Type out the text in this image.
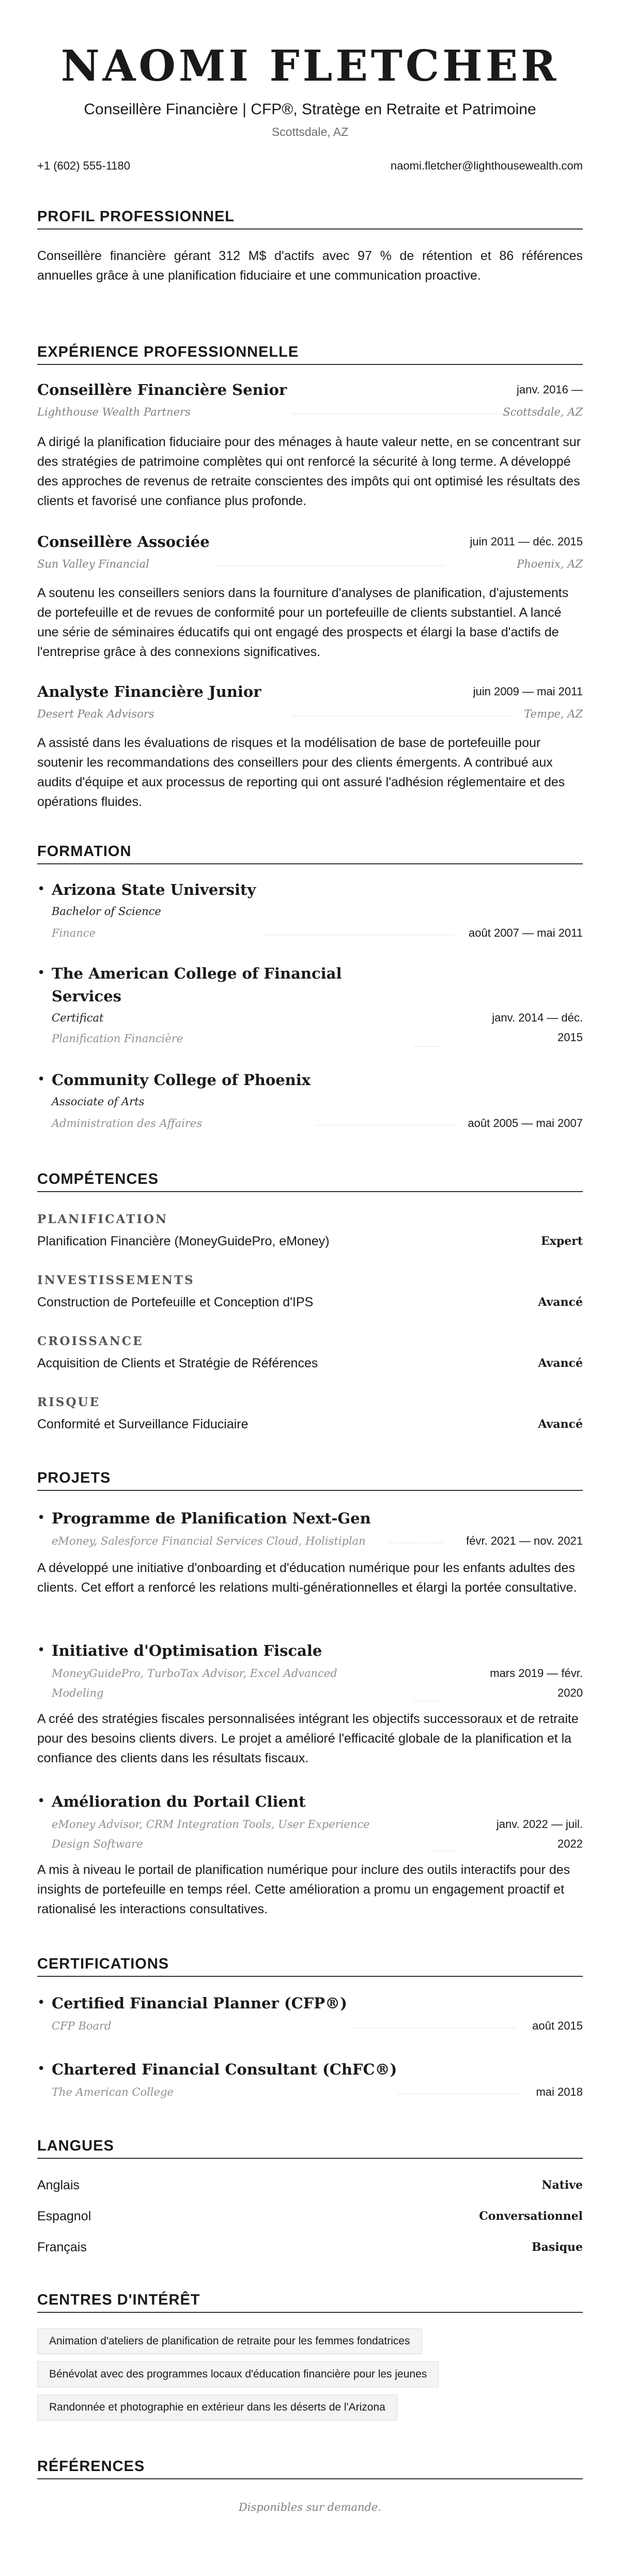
NAOMI FLETCHER
Conseillère Financière | CFP®, Stratège en Retraite et Patrimoine
Scottsdale, AZ
+1 (602) 555-1180	naomi.fletcher@lighthousewealth.com
PROFIL PROFESSIONNEL
Conseillère financière gérant 312 M$ d'actifs avec 97 % de rétention et 86 références annuelles grâce à une planification fiduciaire et une communication proactive.
EXPÉRIENCE PROFESSIONNELLE
Conseillère Financière Senior	janv. 2016 —
Lighthouse Wealth Partners	Scottsdale, AZ
A dirigé la planification fiduciaire pour des ménages à haute valeur nette, en se concentrant sur des stratégies de patrimoine complètes qui ont renforcé la sécurité à long terme. A développé des approches de revenus de retraite conscientes des impôts qui ont optimisé les résultats des clients et favorisé une confiance plus profonde.
Conseillère Associée	juin 2011 — déc. 2015
Sun Valley Financial	Phoenix, AZ
A soutenu les conseillers seniors dans la fourniture d'analyses de planification, d'ajustements de portefeuille et de revues de conformité pour un portefeuille de clients substantiel. A lancé une série de séminaires éducatifs qui ont engagé des prospects et élargi la base d'actifs de l'entreprise grâce à des connexions significatives.
Analyste Financière Junior	juin 2009 — mai 2011
Desert Peak Advisors	Tempe, AZ
A assisté dans les évaluations de risques et la modélisation de base de portefeuille pour soutenir les recommandations des conseillers pour des clients émergents. A contribué aux audits d'équipe et aux processus de reporting qui ont assuré l'adhésion réglementaire et des opérations fluides.
FORMATION
• Arizona State University
Bachelor of Science
Finance	août 2007 — mai 2011
• The American College of Financial
Services
Certificat	janv. 2014 — déc.
Planification Financière	2015
• Community College of Phoenix
Associate of Arts
Administration des Affaires	août 2005 — mai 2007
COMPÉTENCES
PLANIFICATION
Planification Financière (MoneyGuidePro, eMoney)	Expert
INVESTISSEMENTS
Construction de Portefeuille et Conception d'IPS	Avancé
CROISSANCE
Acquisition de Clients et Stratégie de Références	Avancé
RISQUE
Conformité et Surveillance Fiduciaire	Avancé
PROJETS
• Programme de Planification Next-Gen
eMoney, Salesforce Financial Services Cloud, Holistiplan	févr. 2021 — nov. 2021
A développé une initiative d'onboarding et d'éducation numérique pour les enfants adultes des clients. Cet effort a renforcé les relations multi-générationnelles et élargi la portée consultative.
• Initiative d'Optimisation Fiscale
MoneyGuidePro, TurboTax Advisor, Excel Advanced	mars 2019 — févr.
Modeling	2020
A créé des stratégies fiscales personnalisées intégrant les objectifs successoraux et de retraite pour des besoins clients divers. Le projet a amélioré l'efficacité globale de la planification et la confiance des clients dans les résultats fiscaux.
• Amélioration du Portail Client
eMoney Advisor, CRM Integration Tools, User Experience	janv. 2022 — juil.
Design Software	2022
A mis à niveau le portail de planification numérique pour inclure des outils interactifs pour des insights de portefeuille en temps réel. Cette amélioration a promu un engagement proactif et rationalisé les interactions consultatives.
CERTIFICATIONS
• Certified Financial Planner (CFP®)
CFP Board	août 2015
• Chartered Financial Consultant (ChFC®)
The American College	mai 2018
LANGUES
Anglais	Native
Espagnol	Conversationnel
Français	Basique
CENTRES D'INTÉRÊT
Animation d'ateliers de planification de retraite pour les femmes fondatrices
Bénévolat avec des programmes locaux d'éducation financière pour les jeunes
Randonnée et photographie en extérieur dans les déserts de l'Arizona
RÉFÉRENCES
Disponibles sur demande.
